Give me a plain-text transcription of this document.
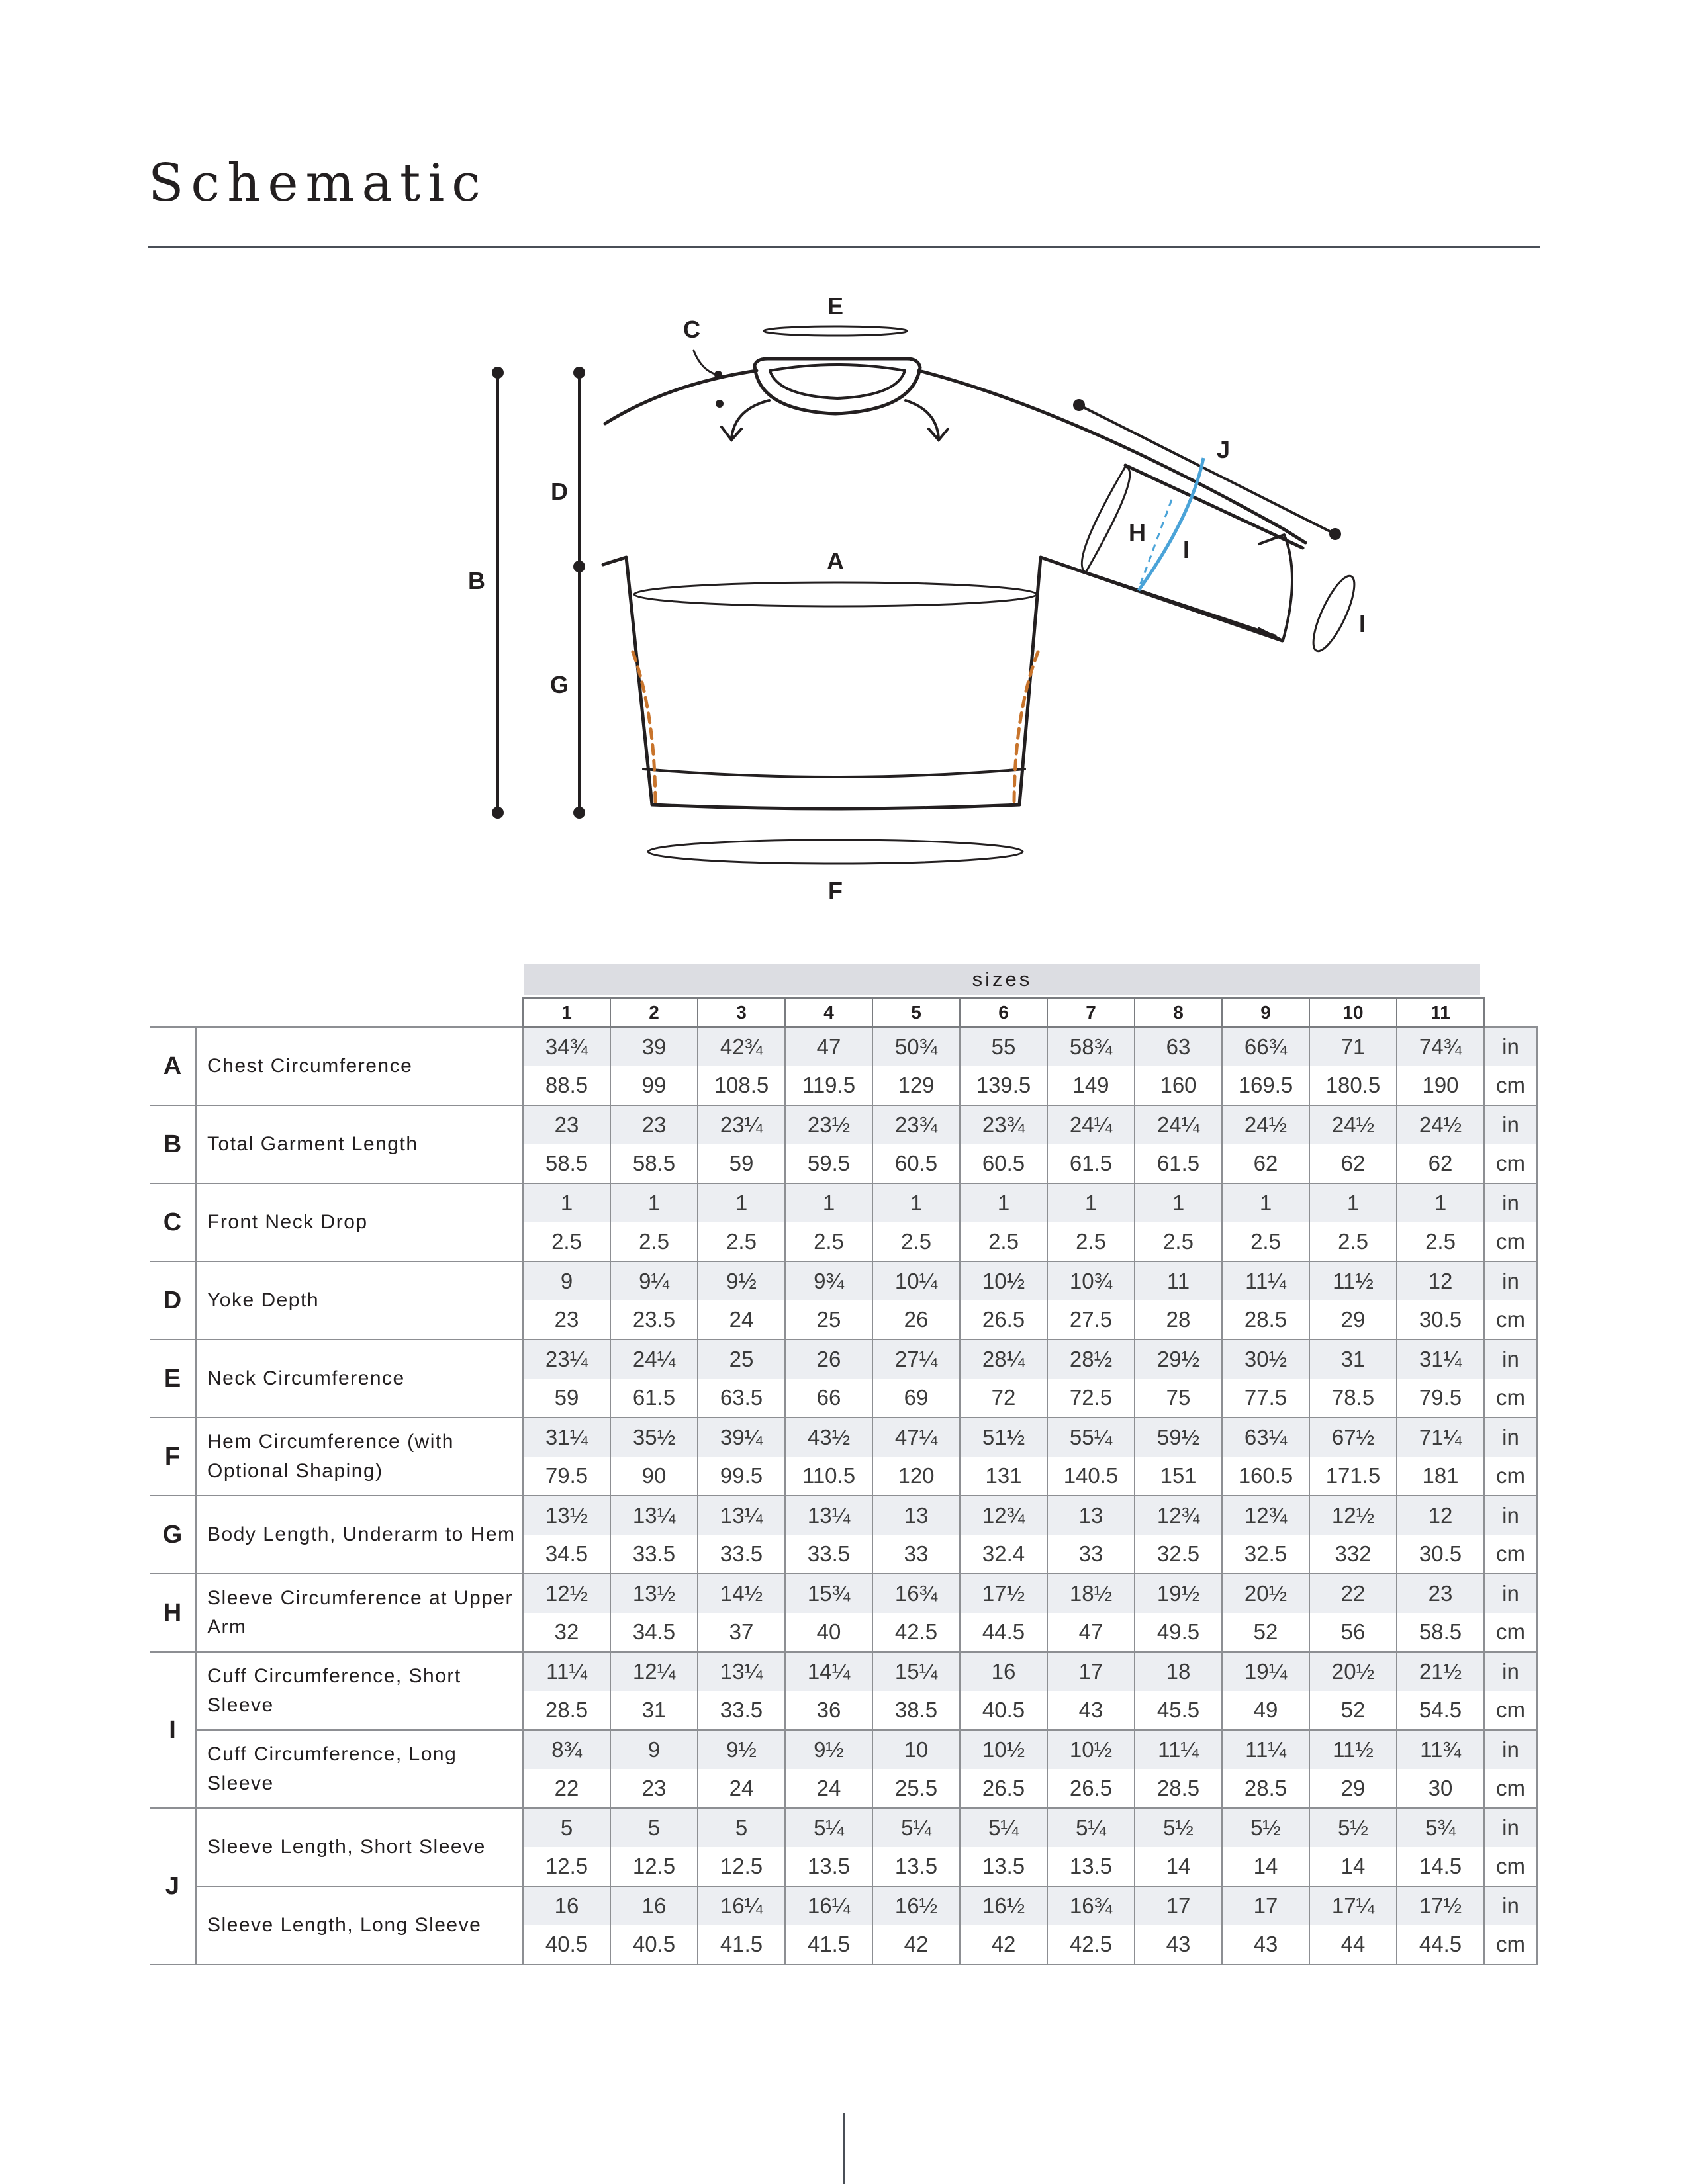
Schematic
E
C
D
B
A
G
F
J
H
I
I
sizes
		1	2	3	4	5	6	7	8	9	10	11	
A	Chest Circumference	34¾	39	42¾	47	50¾	55	58¾	63	66¾	71	74¾	in
		88.5	99	108.5	119.5	129	139.5	149	160	169.5	180.5	190	cm
B	Total Garment Length	23	23	23¼	23½	23¾	23¾	24¼	24¼	24½	24½	24½	in
		58.5	58.5	59	59.5	60.5	60.5	61.5	61.5	62	62	62	cm
C	Front Neck Drop	1	1	1	1	1	1	1	1	1	1	1	in
		2.5	2.5	2.5	2.5	2.5	2.5	2.5	2.5	2.5	2.5	2.5	cm
D	Yoke Depth	9	9¼	9½	9¾	10¼	10½	10¾	11	11¼	11½	12	in
		23	23.5	24	25	26	26.5	27.5	28	28.5	29	30.5	cm
E	Neck Circumference	23¼	24¼	25	26	27¼	28¼	28½	29½	30½	31	31¼	in
		59	61.5	63.5	66	69	72	72.5	75	77.5	78.5	79.5	cm
F	Hem Circumference (with Optional Shaping)	31¼	35½	39¼	43½	47¼	51½	55¼	59½	63¼	67½	71¼	in
		79.5	90	99.5	110.5	120	131	140.5	151	160.5	171.5	181	cm
G	Body Length, Underarm to Hem	13½	13¼	13¼	13¼	13	12¾	13	12¾	12¾	12½	12	in
		34.5	33.5	33.5	33.5	33	32.4	33	32.5	32.5	332	30.5	cm
H	Sleeve Circumference at Upper Arm	12½	13½	14½	15¾	16¾	17½	18½	19½	20½	22	23	in
		32	34.5	37	40	42.5	44.5	47	49.5	52	56	58.5	cm
I	Cuff Circumference, Short Sleeve	11¼	12¼	13¼	14¼	15¼	16	17	18	19¼	20½	21½	in
		28.5	31	33.5	36	38.5	40.5	43	45.5	49	52	54.5	cm
	Cuff Circumference, Long Sleeve	8¾	9	9½	9½	10	10½	10½	11¼	11¼	11½	11¾	in
		22	23	24	24	25.5	26.5	26.5	28.5	28.5	29	30	cm
J	Sleeve Length, Short Sleeve	5	5	5	5¼	5¼	5¼	5¼	5½	5½	5½	5¾	in
		12.5	12.5	12.5	13.5	13.5	13.5	13.5	14	14	14	14.5	cm
	Sleeve Length, Long Sleeve	16	16	16¼	16¼	16½	16½	16¾	17	17	17¼	17½	in
		40.5	40.5	41.5	41.5	42	42	42.5	43	43	44	44.5	cm
